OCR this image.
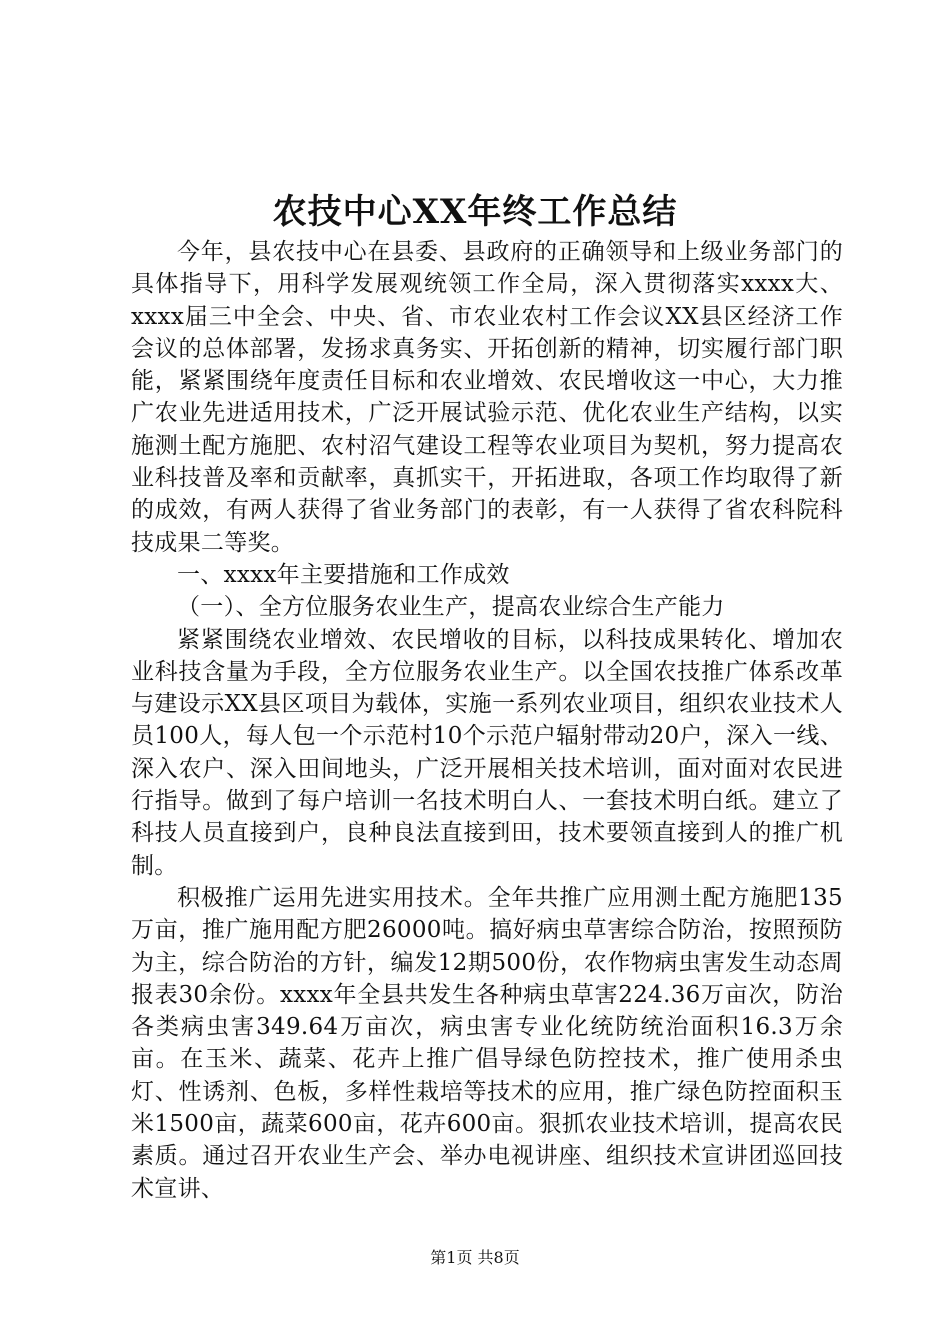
农技中心XX年终工作总结

今年，县农技中心在县委、县政府的正确领导和上级业务部门的具体指导下，用科学发展观统领工作全局，深入贯彻落实xxxx大、xxxx届三中全会、中央、省、市农业农村工作会议XX县区经济工作会议的总体部署，发扬求真务实、开拓创新的精神，切实履行部门职能，紧紧围绕年度责任目标和农业增效、农民增收这一中心，大力推广农业先进适用技术，广泛开展试验示范、优化农业生产结构，以实施测土配方施肥、农村沼气建设工程等农业项目为契机，努力提高农业科技普及率和贡献率，真抓实干，开拓进取，各项工作均取得了新的成效，有两人获得了省业务部门的表彰，有一人获得了省农科院科技成果二等奖。

一、xxxx年主要措施和工作成效

（一）、全方位服务农业生产，提高农业综合生产能力

紧紧围绕农业增效、农民增收的目标，以科技成果转化、增加农业科技含量为手段，全方位服务农业生产。以全国农技推广体系改革与建设示XX县区项目为载体，实施一系列农业项目，组织农业技术人员100人，每人包一个示范村10个示范户辐射带动20户，深入一线、深入农户、深入田间地头，广泛开展相关技术培训，面对面对农民进行指导。做到了每户培训一名技术明白人、一套技术明白纸。建立了科技人员直接到户，良种良法直接到田，技术要领直接到人的推广机制。

积极推广运用先进实用技术。全年共推广应用测土配方施肥135万亩，推广施用配方肥26000吨。搞好病虫草害综合防治，按照预防为主，综合防治的方针，编发12期500份，农作物病虫害发生动态周报表30余份。xxxx年全县共发生各种病虫草害224.36万亩次，防治各类病虫害349.64万亩次，病虫害专业化统防统治面积16.3万余亩。在玉米、蔬菜、花卉上推广倡导绿色防控技术，推广使用杀虫灯、性诱剂、色板，多样性栽培等技术的应用，推广绿色防控面积玉米1500亩，蔬菜600亩，花卉600亩。狠抓农业技术培训，提高农民素质。通过召开农业生产会、举办电视讲座、组织技术宣讲团巡回技术宣讲、

第1页 共8页
